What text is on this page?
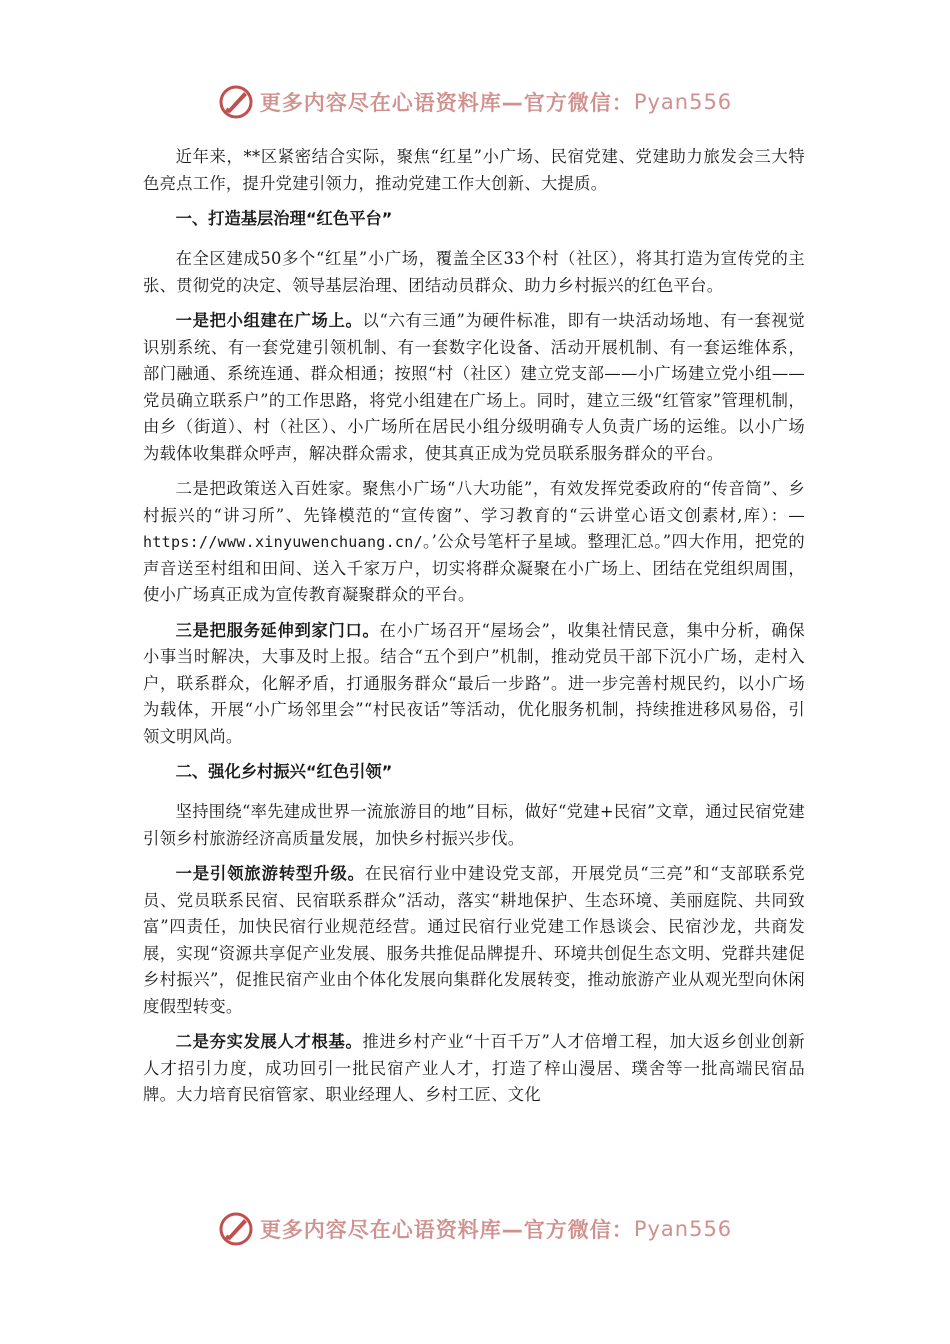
更多内容尽在心语资料库—官方微信： Pyan556

近年来，**区紧密结合实际，聚焦“红星”小广场、民宿党建、党建助力旅发会三大特色亮点工作，提升党建引领力，推动党建工作大创新、大提质。

一、打造基层治理“红色平台”

在全区建成50多个“红星”小广场，覆盖全区33个村（社区），将其打造为宣传党的主张、贯彻党的决定、领导基层治理、团结动员群众、助力乡村振兴的红色平台。

一是把小组建在广场上。以“六有三通”为硬件标准，即有一块活动场地、有一套视觉识别系统、有一套党建引领机制、有一套数字化设备、活动开展机制、有一套运维体系，部门融通、系统连通、群众相通；按照“村（社区）建立党支部——小广场建立党小组——党员确立联系户”的工作思路，将党小组建在广场上。同时，建立三级“红管家”管理机制，由乡（街道）、村（社区）、小广场所在居民小组分级明确专人负责广场的运维。以小广场为载体收集群众呼声，解决群众需求，使其真正成为党员联系服务群众的平台。

二是把政策送入百姓家。聚焦小广场“八大功能”，有效发挥党委政府的“传音筒”、乡村振兴的“讲习所”、先锋模范的“宣传窗”、学习教育的“云讲堂心语文创素材,库）：—https://www.xinyuwenchuang.cn/。’公众号笔杆子星域。整理汇总。”四大作用，把党的声音送至村组和田间、送入千家万户，切实将群众凝聚在小广场上、团结在党组织周围，使小广场真正成为宣传教育凝聚群众的平台。

三是把服务延伸到家门口。在小广场召开“屋场会”，收集社情民意，集中分析，确保小事当时解决，大事及时上报。结合“五个到户”机制，推动党员干部下沉小广场，走村入户，联系群众，化解矛盾，打通服务群众“最后一步路”。进一步完善村规民约，以小广场为载体，开展“小广场邻里会”“村民夜话”等活动，优化服务机制，持续推进移风易俗，引领文明风尚。

二、强化乡村振兴“红色引领”

坚持围绕“率先建成世界一流旅游目的地”目标，做好“党建+民宿”文章，通过民宿党建引领乡村旅游经济高质量发展，加快乡村振兴步伐。

一是引领旅游转型升级。在民宿行业中建设党支部，开展党员“三亮”和“支部联系党员、党员联系民宿、民宿联系群众”活动，落实“耕地保护、生态环境、美丽庭院、共同致富”四责任，加快民宿行业规范经营。通过民宿行业党建工作恳谈会、民宿沙龙，共商发展，实现“资源共享促产业发展、服务共推促品牌提升、环境共创促生态文明、党群共建促乡村振兴”，促推民宿产业由个体化发展向集群化发展转变，推动旅游产业从观光型向休闲度假型转变。

二是夯实发展人才根基。推进乡村产业“十百千万”人才倍增工程，加大返乡创业创新人才招引力度，成功回引一批民宿产业人才，打造了梓山漫居、璞舍等一批高端民宿品牌。大力培育民宿管家、职业经理人、乡村工匠、文化

更多内容尽在心语资料库—官方微信： Pyan556
